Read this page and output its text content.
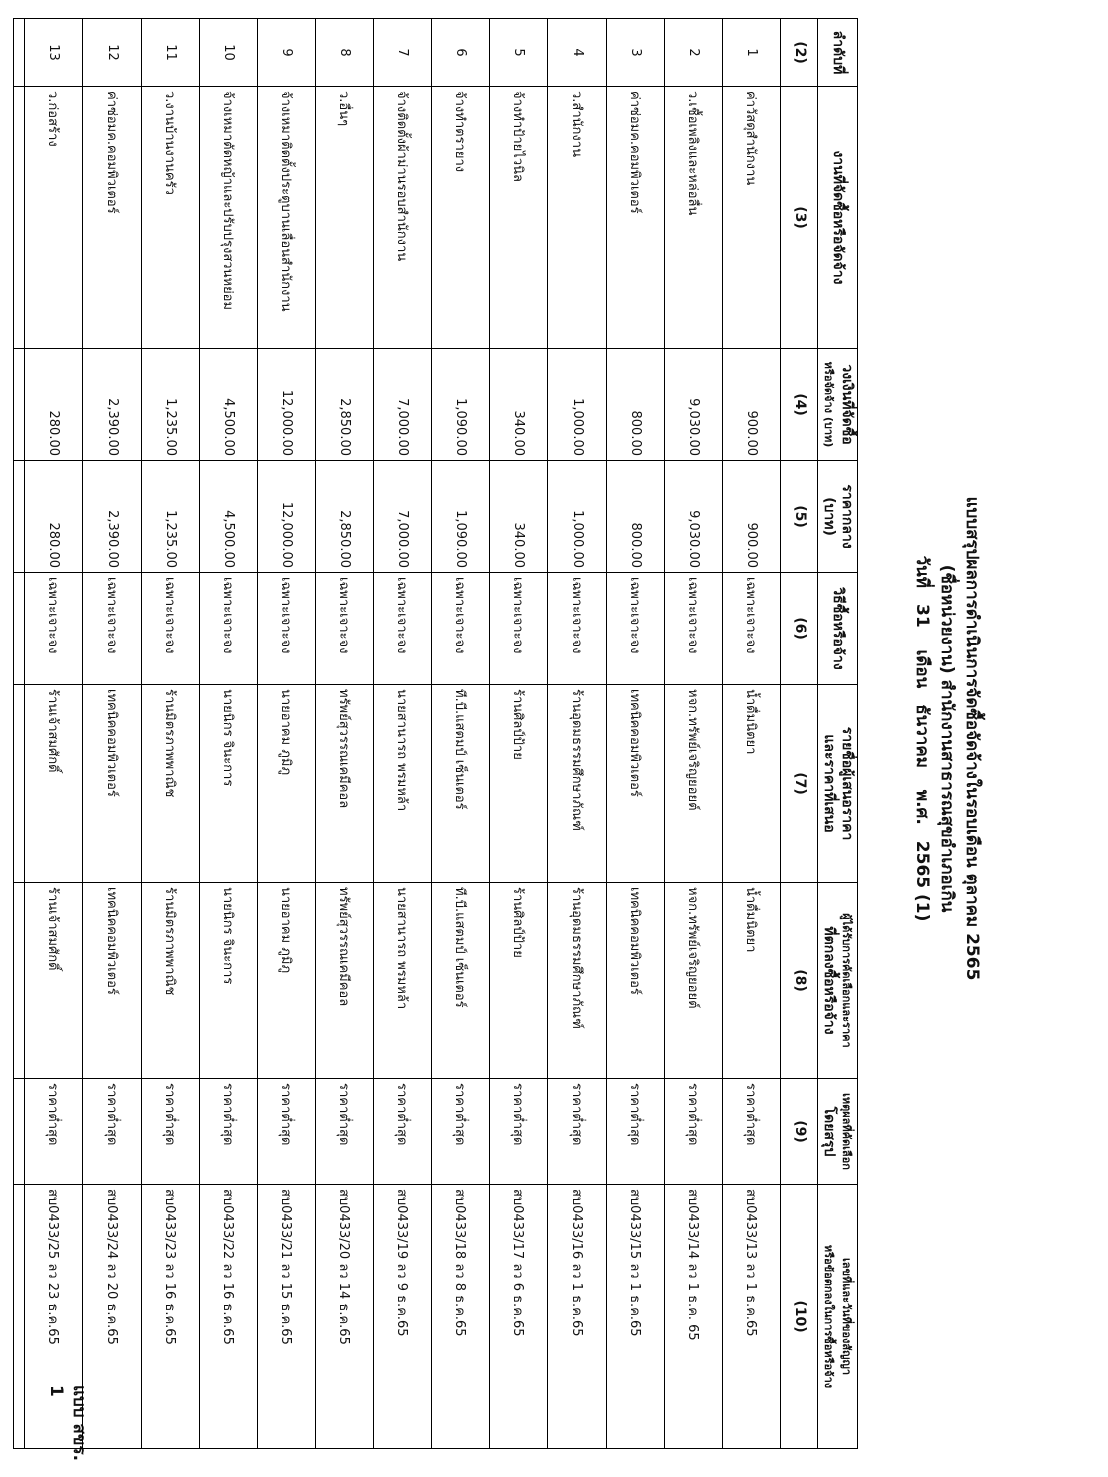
แบบ สขร. 1
แบบสรุปผลการดำเนินการจัดซื้อจัดจ้างในรอบเดือน ตุลาคม 2565
(ชื่อหน่วยงาน) สำนักงานสาธารณสุขอำเภอเกิน
วันที่31 เดือนธันวาคม พ.ศ.2565 (1)
ลำดับที่	งานที่จัดซื้อหรือจัดจ้าง	วงเงินที่จัดซื้อ
หรือจัดจ้าง (บาท)	ราคากลาง
(บาท)	วิธีซื้อหรือจ้าง	รายชื่อผู้เสนอราคา
และราคาที่เสนอ	ผู้ได้รับการคัดเลือกและราคา
ที่ตกลงซื้อหรือจ้าง	เหตุผลที่คัดเลือก
โดยสรุป	เลขที่และวันที่ของสัญญา
หรือข้อตกลงในการซื้อหรือจ้าง
(2)	(3)	(4)	(5)	(6)	(7)	(8)	(9)	(10)
1	ค่าวัสดุสำนักงาน	900.00	900.00	เฉพาะเจาะจง	น้ำดื่มนิตยา	น้ำดื่มนิตยา	ราคาต่ำสุด	สบ0433/13 ลว 1 ธ.ค.65
2	ว.เชื้อเพลิงและหล่อลื่น	9,030.00	9,030.00	เฉพาะเจาะจง	หจก.ทรัพย์เจริญยอยต์	หจก.ทรัพย์เจริญยอยต์	ราคาต่ำสุด	สบ0433/14 ลว 1 ธ.ค. 65
3	ค่าซ่อมค.คอมพิวเตอร์	800.00	800.00	เฉพาะเจาะจง	เทคนิคคอมพิวเตอร์	เทคนิคคอมพิวเตอร์	ราคาต่ำสุด	สบ0433/15 ลว 1 ธ.ค.65
4	ว.สำนักงาน	1,000.00	1,000.00	เฉพาะเจาะจง	ร้านอุดมธรรมศึกษาภัณฑ์	ร้านอุดมธรรมศึกษาภัณฑ์	ราคาต่ำสุด	สบ0433/16 ลว 1 ธ.ค.65
5	จ้างทำป้ายไวนิล	340.00	340.00	เฉพาะเจาะจง	ร้านศิลป์ป้าย	ร้านศิลป์ป้าย	ราคาต่ำสุด	สบ0433/17 ลว 6 ธ.ค.65
6	จ้างทำตรายาง	1,090.00	1,090.00	เฉพาะเจาะจง	ที.บี.แสตมป์ เซ็นเตอร์	ที.บี.แสตมป์ เซ็นเตอร์	ราคาต่ำสุด	สบ0433/18 ลว 8 ธ.ค.65
7	จ้างติดตั้งผ้าม่านรอบสำนักงาน	7,000.00	7,000.00	เฉพาะเจาะจง	นายสานารถ พรมหล้า	นายสานารถ พรมหล้า	ราคาต่ำสุด	สบ0433/19 ลว 9 ธ.ค.65
8	ว.อื่นๆ	2,850.00	2,850.00	เฉพาะเจาะจง	ทรัพย์สุวรรณเคมีคอล	ทรัพย์สุวรรณเคมีคอล	ราคาต่ำสุด	สบ0433/20 ลว 14 ธ.ค.65
9	จ้างเหมาติดตั้งประตูบานเลื่อนสำนักงาน	12,000.00	12,000.00	เฉพาะเจาะจง	นายอาคม ภูมิภู	นายอาคม ภูมิภู	ราคาต่ำสุด	สบ0433/21 ลว 15 ธ.ค.65
10	จ้างเหมาตัดหญ้าและปรับปรุงสวนหย่อม	4,500.00	4,500.00	เฉพาะเจาะจง	นายนิกร จินะการ	นายนิกร จินะการ	ราคาต่ำสุด	สบ0433/22 ลว 16 ธ.ค.65
11	ว.งานบ้านงานครัว	1,235.00	1,235.00	เฉพาะเจาะจง	ร้านมิตรภาพพาณิช	ร้านมิตรภาพพาณิช	ราคาต่ำสุด	สบ0433/23 ลว 16 ธ.ค.65
12	ค่าซ่อมค.คอมพิวเตอร์	2,390.00	2,390.00	เฉพาะเจาะจง	เทคนิคคอมพิวเตอร์	เทคนิคคอมพิวเตอร์	ราคาต่ำสุด	สบ0433/24 ลว 20 ธ.ค.65
13	ว.ก่อสร้าง	280.00	280.00	เฉพาะเจาะจง	ร้านเจ้าสมศักดิ์	ร้านเจ้าสมศักดิ์	ราคาต่ำสุด	สบ0433/25 ลว 23 ธ.ค.65
